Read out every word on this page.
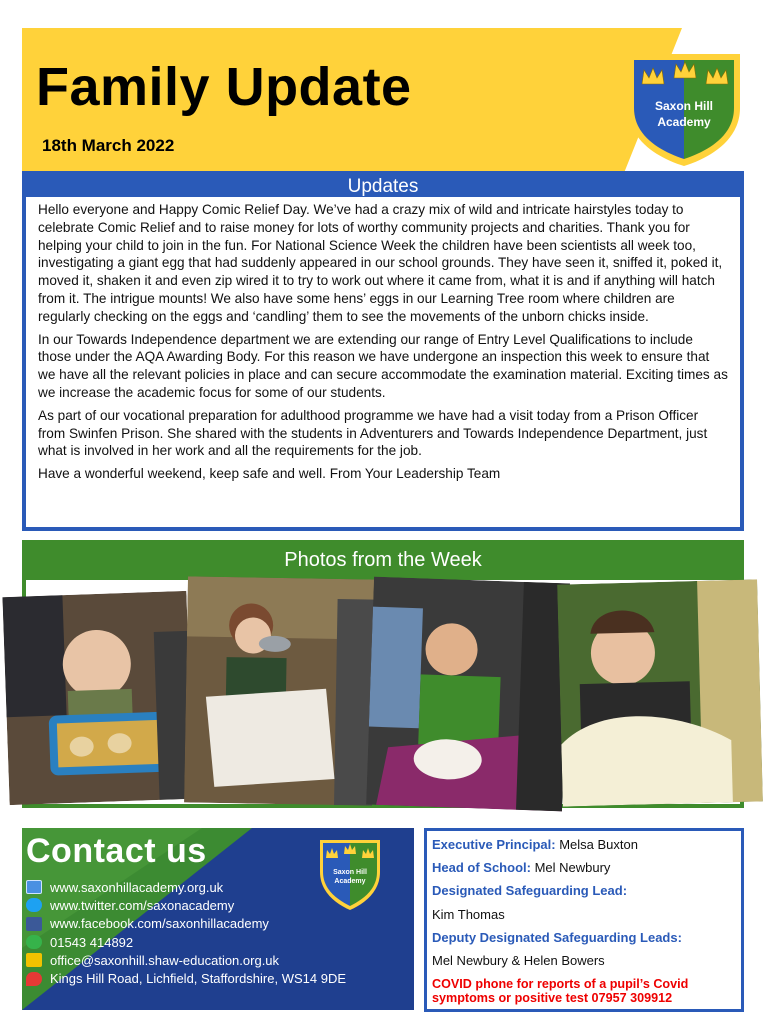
Family Update
18th March 2022
Saxon Hill
Academy
Updates

Hello everyone and Happy Comic Relief Day. We’ve had a crazy mix of wild and intricate hairstyles today to celebrate Comic Relief and to raise money for lots of worthy community projects and charities. Thank you for helping your child to join in the fun. For National Science Week the children have been scientists all week too, investigating a giant egg that had suddenly appeared in our school grounds. They have seen it, sniffed it, poked it, moved it, shaken it and even zip wired it to try to work out where it came from, what it is and if anything will hatch from it. The intrigue mounts! We also have some hens’ eggs in our Learning Tree room where children are regularly checking on the eggs and ‘candling’ them to see the movements of the unborn chicks inside.

In our Towards Independence department we are extending our range of Entry Level Qualifications to include those under the AQA Awarding Body. For this reason we have undergone an inspection this week to ensure that we have all the relevant policies in place and can secure accommodate the examination material. Exciting times as we increase the academic focus for some of our students.

As part of our vocational preparation for adulthood programme we have had a visit today from a Prison Officer from Swinfen Prison. She shared with the students in Adventurers and Towards Independence Department, just what is involved in her work and all the requirements for the job.

Have a wonderful weekend, keep safe and well. From Your Leadership Team

Photos from the Week
Contact us
www.saxonhillacademy.org.uk
www.twitter.com/saxonacademy
www.facebook.com/saxonhillacademy
01543 414892
office@saxonhill.shaw-education.org.uk
Kings Hill Road, Lichfield, Staffordshire, WS14 9DE
Saxon Hill
Academy
Executive Principal: Melsa Buxton
Head of School: Mel Newbury
Designated Safeguarding Lead:
Kim Thomas
Deputy Designated Safeguarding Leads:
Mel Newbury & Helen Bowers
COVID phone for reports of a pupil’s Covid
symptoms or positive test 07957 309912
